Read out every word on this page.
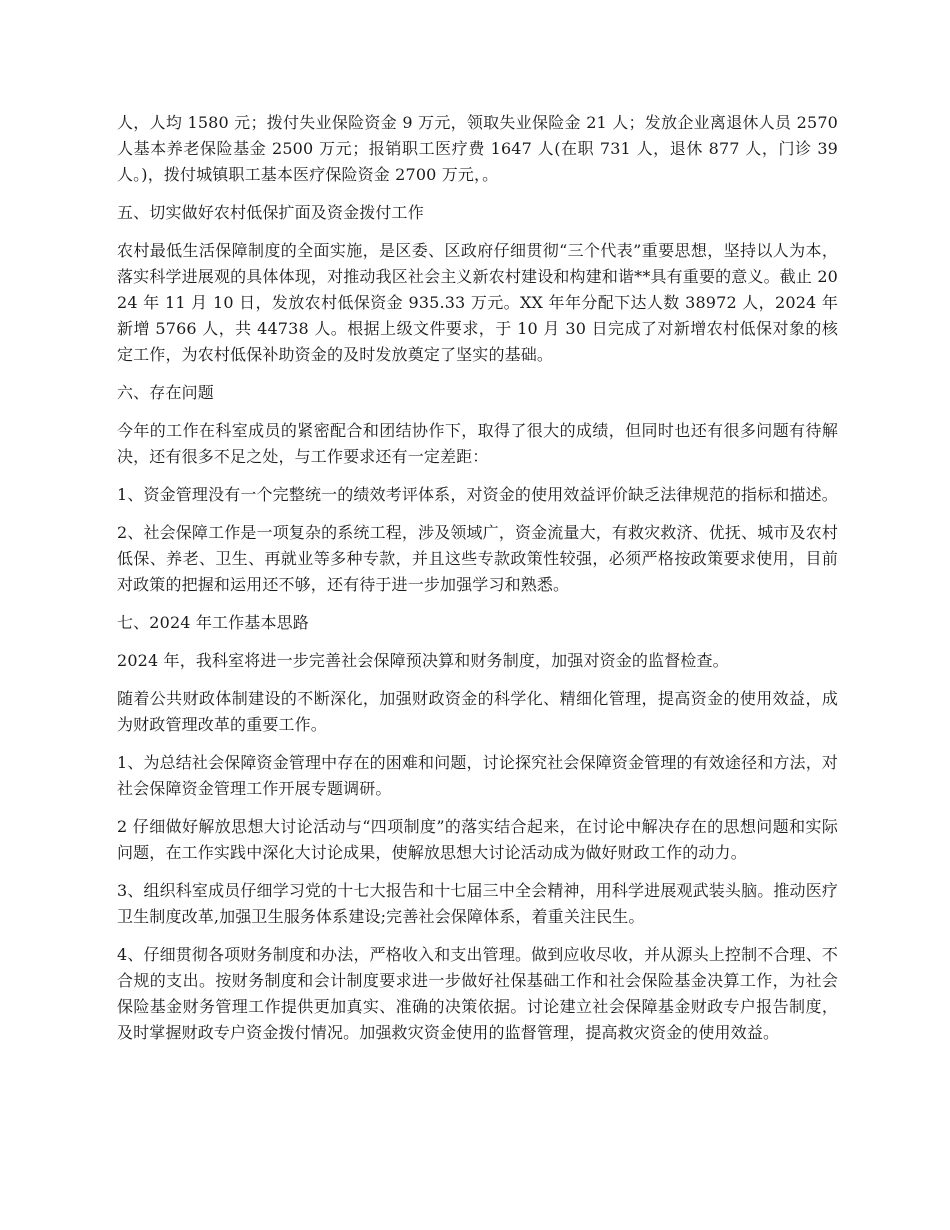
人，人均 1580 元；拨付失业保险资金 9 万元，领取失业保险金 21 人；发放企业离退休人员 2570 人基本养老保险基金 2500 万元；报销职工医疗费 1647 人(在职 731 人，退休 877 人，门诊 39 人。)，拨付城镇职工基本医疗保险资金 2700 万元，。

五、切实做好农村低保扩面及资金拨付工作

农村最低生活保障制度的全面实施，是区委、区政府仔细贯彻“三个代表”重要思想，坚持以人为本，落实科学进展观的具体体现，对推动我区社会主义新农村建设和构建和谐**具有重要的意义。截止 2024 年 11 月 10 日，发放农村低保资金 935.33 万元。XX 年年分配下达人数 38972 人，2024 年新增 5766 人，共 44738 人。根据上级文件要求，于 10 月 30 日完成了对新增农村低保对象的核定工作，为农村低保补助资金的及时发放奠定了坚实的基础。

六、存在问题

今年的工作在科室成员的紧密配合和团结协作下，取得了很大的成绩，但同时也还有很多问题有待解决，还有很多不足之处，与工作要求还有一定差距：

1、资金管理没有一个完整统一的绩效考评体系，对资金的使用效益评价缺乏法律规范的指标和描述。

2、社会保障工作是一项复杂的系统工程，涉及领域广，资金流量大，有救灾救济、优抚、城市及农村低保、养老、卫生、再就业等多种专款，并且这些专款政策性较强，必须严格按政策要求使用，目前对政策的把握和运用还不够，还有待于进一步加强学习和熟悉。

七、2024 年工作基本思路

2024 年，我科室将进一步完善社会保障预决算和财务制度，加强对资金的监督检查。

随着公共财政体制建设的不断深化，加强财政资金的科学化、精细化管理，提高资金的使用效益，成为财政管理改革的重要工作。

1、为总结社会保障资金管理中存在的困难和问题，讨论探究社会保障资金管理的有效途径和方法，对社会保障资金管理工作开展专题调研。

2 仔细做好解放思想大讨论活动与“四项制度”的落实结合起来，在讨论中解决存在的思想问题和实际问题，在工作实践中深化大讨论成果，使解放思想大讨论活动成为做好财政工作的动力。

3、组织科室成员仔细学习党的十七大报告和十七届三中全会精神，用科学进展观武装头脑。推动医疗卫生制度改革,加强卫生服务体系建设;完善社会保障体系，着重关注民生。

4、仔细贯彻各项财务制度和办法，严格收入和支出管理。做到应收尽收，并从源头上控制不合理、不合规的支出。按财务制度和会计制度要求进一步做好社保基础工作和社会保险基金决算工作，为社会保险基金财务管理工作提供更加真实、准确的决策依据。讨论建立社会保障基金财政专户报告制度，及时掌握财政专户资金拨付情况。加强救灾资金使用的监督管理，提高救灾资金的使用效益。
